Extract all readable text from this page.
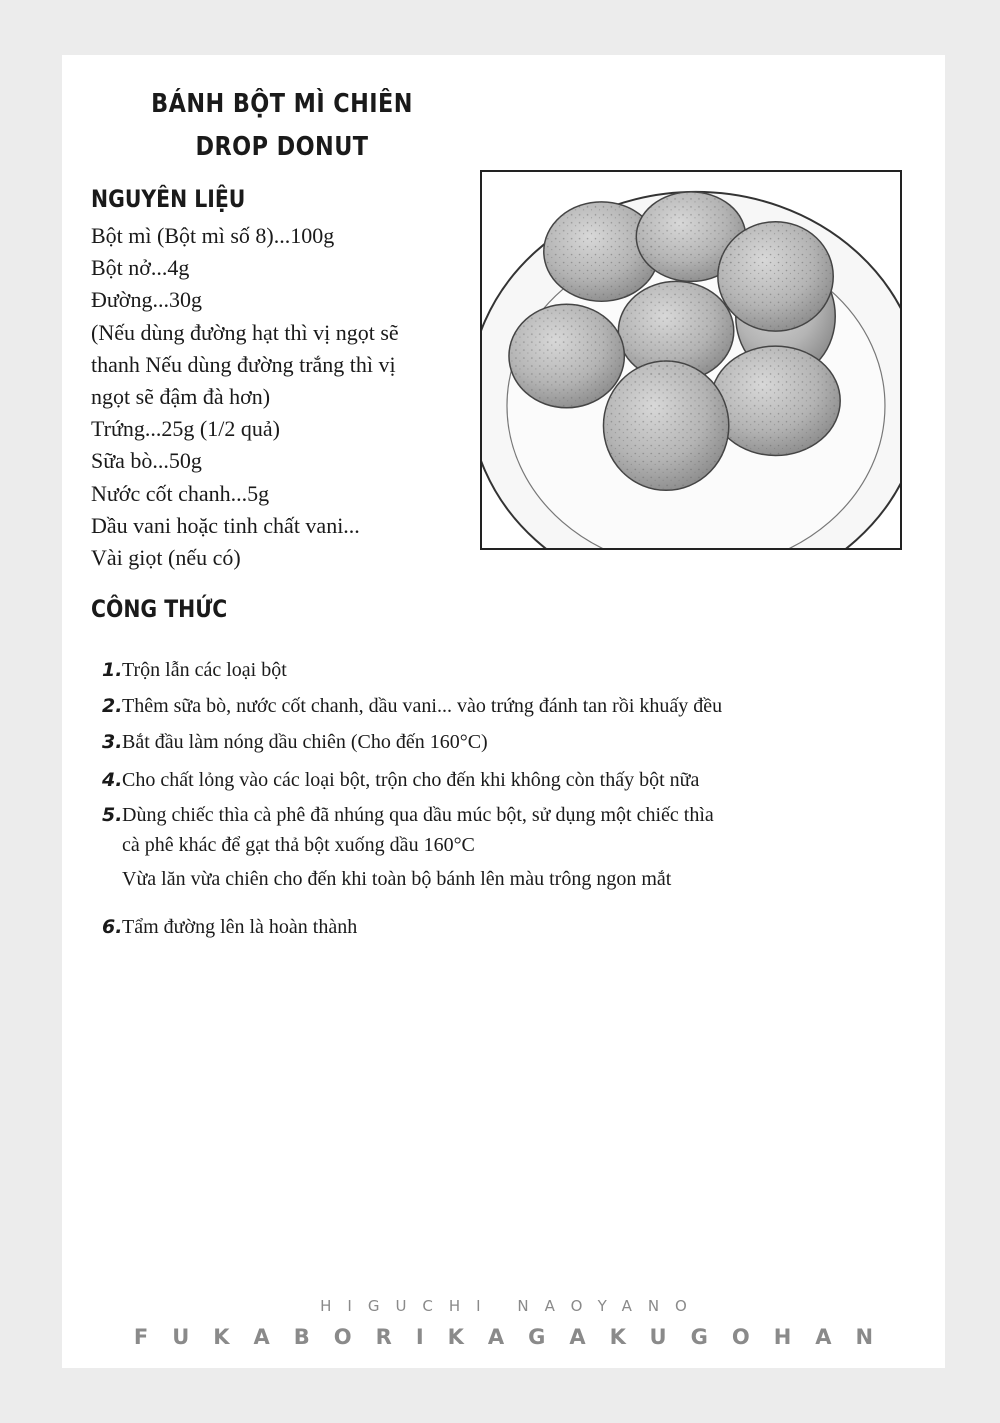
BÁNH BỘT MÌ CHIÊN
DROP DONUT
NGUYÊN LIỆU
Bột mì (Bột mì số 8)...100g
Bột nở...4g
Đường...30g
(Nếu dùng đường hạt thì vị ngọt sẽ
thanh Nếu dùng đường trắng thì vị
ngọt sẽ đậm đà hơn)
Trứng...25g (1/2 quả)
Sữa bò...50g
Nước cốt chanh...5g
Dầu vani hoặc tinh chất vani...
Vài giọt (nếu có)
CÔNG THỨC
1. Trộn lẫn các loại bột
2. Thêm sữa bò, nước cốt chanh, dầu vani... vào trứng đánh tan rồi khuấy đều
3. Bắt đầu làm nóng dầu chiên (Cho đến 160°C)
4. Cho chất lỏng vào các loại bột, trộn cho đến khi không còn thấy bột nữa
5. Dùng chiếc thìa cà phê đã nhúng qua dầu múc bột, sử dụng một chiếc thìa
cà phê khác để gạt thả bột xuống dầu 160°C
Vừa lăn vừa chiên cho đến khi toàn bộ bánh lên màu trông ngon mắt
6. Tẩm đường lên là hoàn thành
HIGUCHI NAOYANO
FUKABORIKAGAKUGOHAN
